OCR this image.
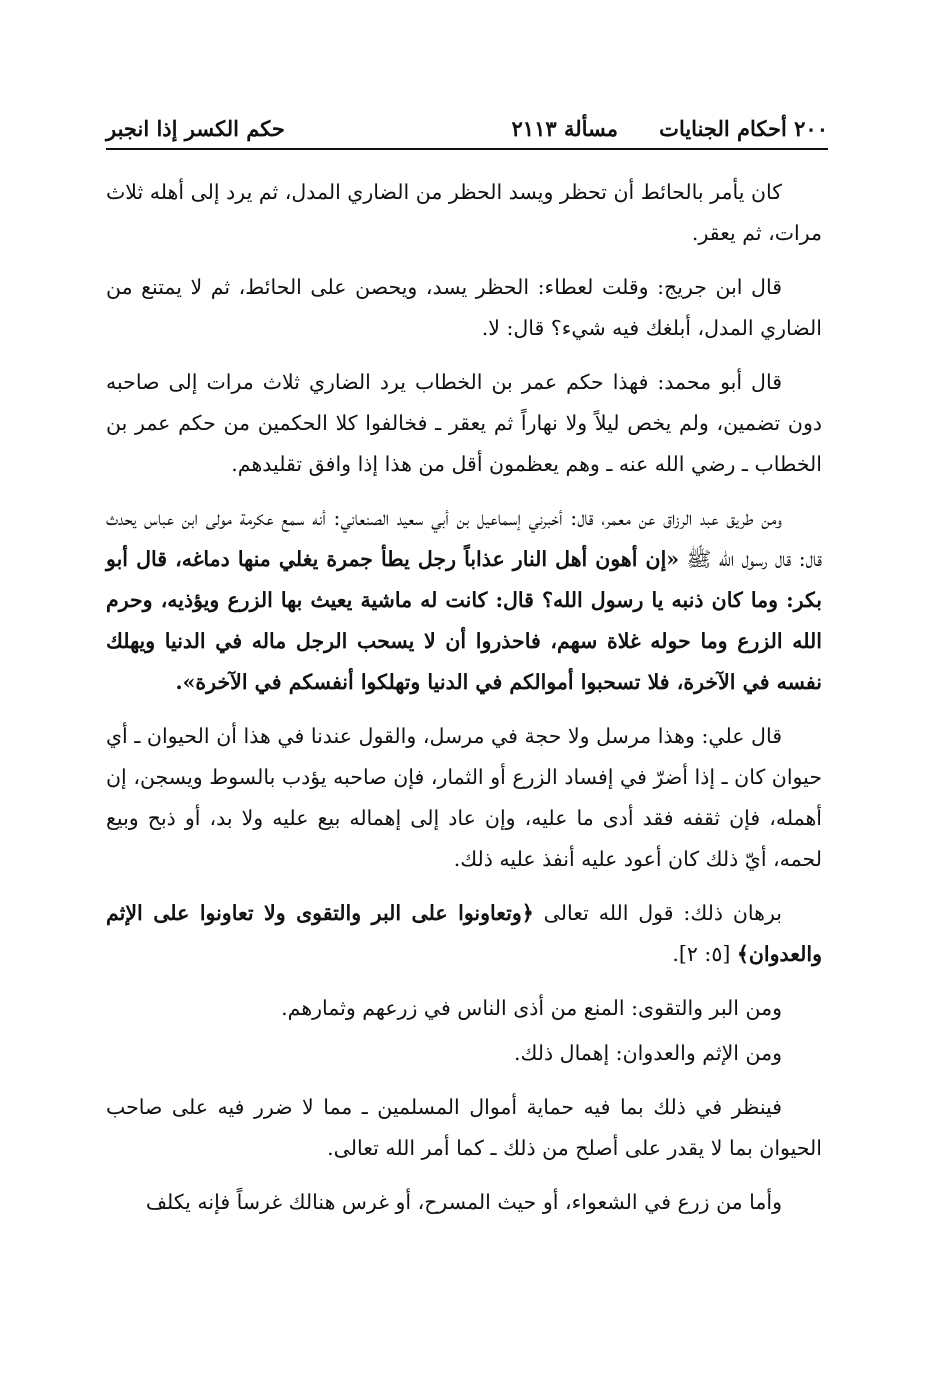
٢٠٠ أحكام الجنايات
مسألة ٢١١٣
حكم الكسر إذا انجبر

كان يأمر بالحائط أن تحظر ويسد الحظر من الضاري المدل، ثم يرد إلى أهله ثلاث مرات، ثم يعقر.

قال ابن جريج: وقلت لعطاء: الحظر يسد، ويحصن على الحائط، ثم لا يمتنع من الضاري المدل، أبلغك فيه شيء؟ قال: لا.

قال أبو محمد: فهذا حكم عمر بن الخطاب يرد الضاري ثلاث مرات إلى صاحبه دون تضمين، ولم يخص ليلاً ولا نهاراً ثم يعقر ـ فخالفوا كلا الحكمين من حكم عمر بن الخطاب ـ رضي الله عنه ـ وهم يعظمون أقل من هذا إذا وافق تقليدهم.

ومن طريق عبد الرزاق عن معمر، قال: أخبرني إسماعيل بن أبي سعيد الصنعاني: أنه سمع عكرمة مولى ابن عباس يحدث قال: قال رسول الله ﷺ «إن أهون أهل النار عذاباً رجل يطأ جمرة يغلي منها دماغه، قال أبو بكر: وما كان ذنبه يا رسول الله؟ قال: كانت له ماشية يعيث بها الزرع ويؤذيه، وحرم الله الزرع وما حوله غلاة سهم، فاحذروا أن لا يسحب الرجل ماله في الدنيا ويهلك نفسه في الآخرة، فلا تسحبوا أموالكم في الدنيا وتهلكوا أنفسكم في الآخرة».

قال علي: وهذا مرسل ولا حجة في مرسل، والقول عندنا في هذا أن الحيوان ـ أي حيوان كان ـ إذا أضرّ في إفساد الزرع أو الثمار، فإن صاحبه يؤدب بالسوط ويسجن، إن أهمله، فإن ثقفه فقد أدى ما عليه، وإن عاد إلى إهماله بيع عليه ولا بد، أو ذبح وبيع لحمه، أيّ ذلك كان أعود عليه أنفذ عليه ذلك.

برهان ذلك: قول الله تعالى ﴿وتعاونوا على البر والتقوى ولا تعاونوا على الإثم والعدوان﴾ [٥: ٢].

ومن البر والتقوى: المنع من أذى الناس في زرعهم وثمارهم.

ومن الإثم والعدوان: إهمال ذلك.

فينظر في ذلك بما فيه حماية أموال المسلمين ـ مما لا ضرر فيه على صاحب الحيوان بما لا يقدر على أصلح من ذلك ـ كما أمر الله تعالى.

وأما من زرع في الشعواء، أو حيث المسرح، أو غرس هنالك غرساً فإنه يكلف
